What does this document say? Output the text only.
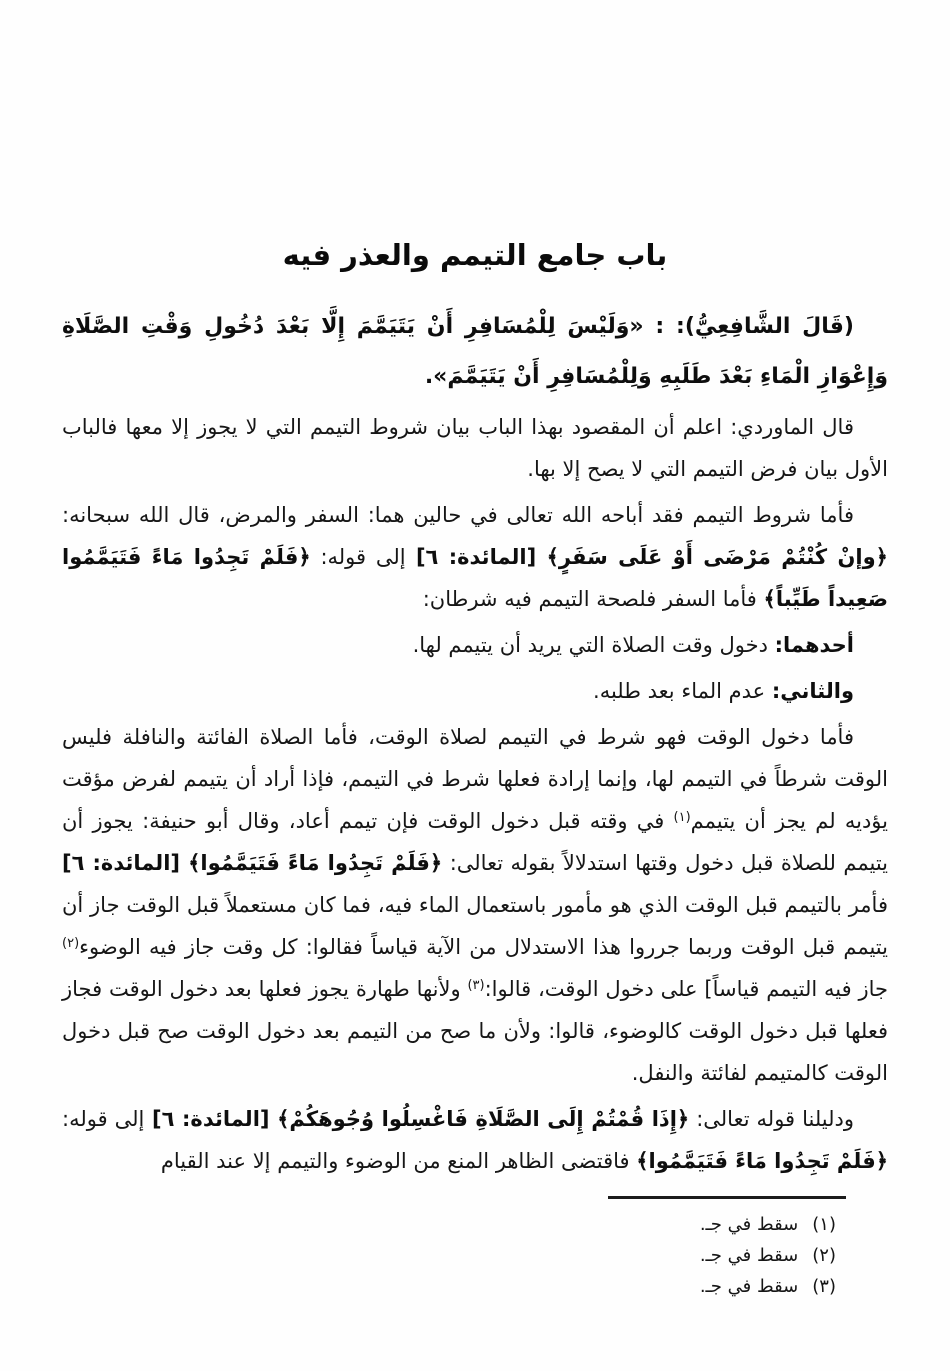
باب جامع التيمم والعذر فيه

(قَالَ الشَّافِعِيُّ): : «وَلَيْسَ لِلْمُسَافِرِ أَنْ يَتَيَمَّمَ إِلَّا بَعْدَ دُخُولِ وَقْتِ الصَّلَاةِ وَإِعْوَازِ الْمَاءِ بَعْدَ طَلَبِهِ وَلِلْمُسَافِرِ أَنْ يَتَيَمَّمَ».

قال الماوردي: اعلم أن المقصود بهذا الباب بيان شروط التيمم التي لا يجوز إلا معها فالباب الأول بيان فرض التيمم التي لا يصح إلا بها.

فأما شروط التيمم فقد أباحه الله تعالى في حالين هما: السفر والمرض، قال الله سبحانه: ﴿وإنْ كُنْتُمْ مَرْضَى أَوْ عَلَى سَفَرٍ﴾ [المائدة: ٦] إلى قوله: ﴿فَلَمْ تَجِدُوا مَاءً فَتَيَمَّمُوا صَعِيداً طَيِّباً﴾ فأما السفر فلصحة التيمم فيه شرطان:

أحدهما: دخول وقت الصلاة التي يريد أن يتيمم لها.

والثاني: عدم الماء بعد طلبه.

فأما دخول الوقت فهو شرط في التيمم لصلاة الوقت، فأما الصلاة الفائتة والنافلة فليس الوقت شرطاً في التيمم لها، وإنما إرادة فعلها شرط في التيمم، فإذا أراد أن يتيمم لفرض مؤقت يؤديه لم يجز أن يتيمم$^{(١)}$ في وقته قبل دخول الوقت فإن تيمم أعاد، وقال أبو حنيفة: يجوز أن يتيمم للصلاة قبل دخول وقتها استدلالاً بقوله تعالى: ﴿فَلَمْ تَجِدُوا مَاءً فَتَيَمَّمُوا﴾ [المائدة: ٦] فأمر بالتيمم قبل الوقت الذي هو مأمور باستعمال الماء فيه، فما كان مستعملاً قبل الوقت جاز أن يتيمم قبل الوقت وربما جرروا هذا الاستدلال من الآية قياساً فقالوا: كل وقت جاز فيه الوضوء$^{(٢)}$ جاز فيه التيمم قياساً] على دخول الوقت، قالوا:$^{(٣)}$ ولأنها طهارة يجوز فعلها بعد دخول الوقت فجاز فعلها قبل دخول الوقت كالوضوء، قالوا: ولأن ما صح من التيمم بعد دخول الوقت صح قبل دخول الوقت كالمتيمم لفائتة والنفل.

ودليلنا قوله تعالى: ﴿إِذَا قُمْتُمْ إِلَى الصَّلَاةِ فَاغْسِلُوا وُجُوهَكُمْ﴾ [المائدة: ٦] إلى قوله: ﴿فَلَمْ تَجِدُوا مَاءً فَتَيَمَّمُوا﴾ فاقتضى الظاهر المنع من الوضوء والتيمم إلا عند القيام

(١)
سقط في جـ.
(٢)
سقط في جـ.
(٣)
سقط في جـ.
